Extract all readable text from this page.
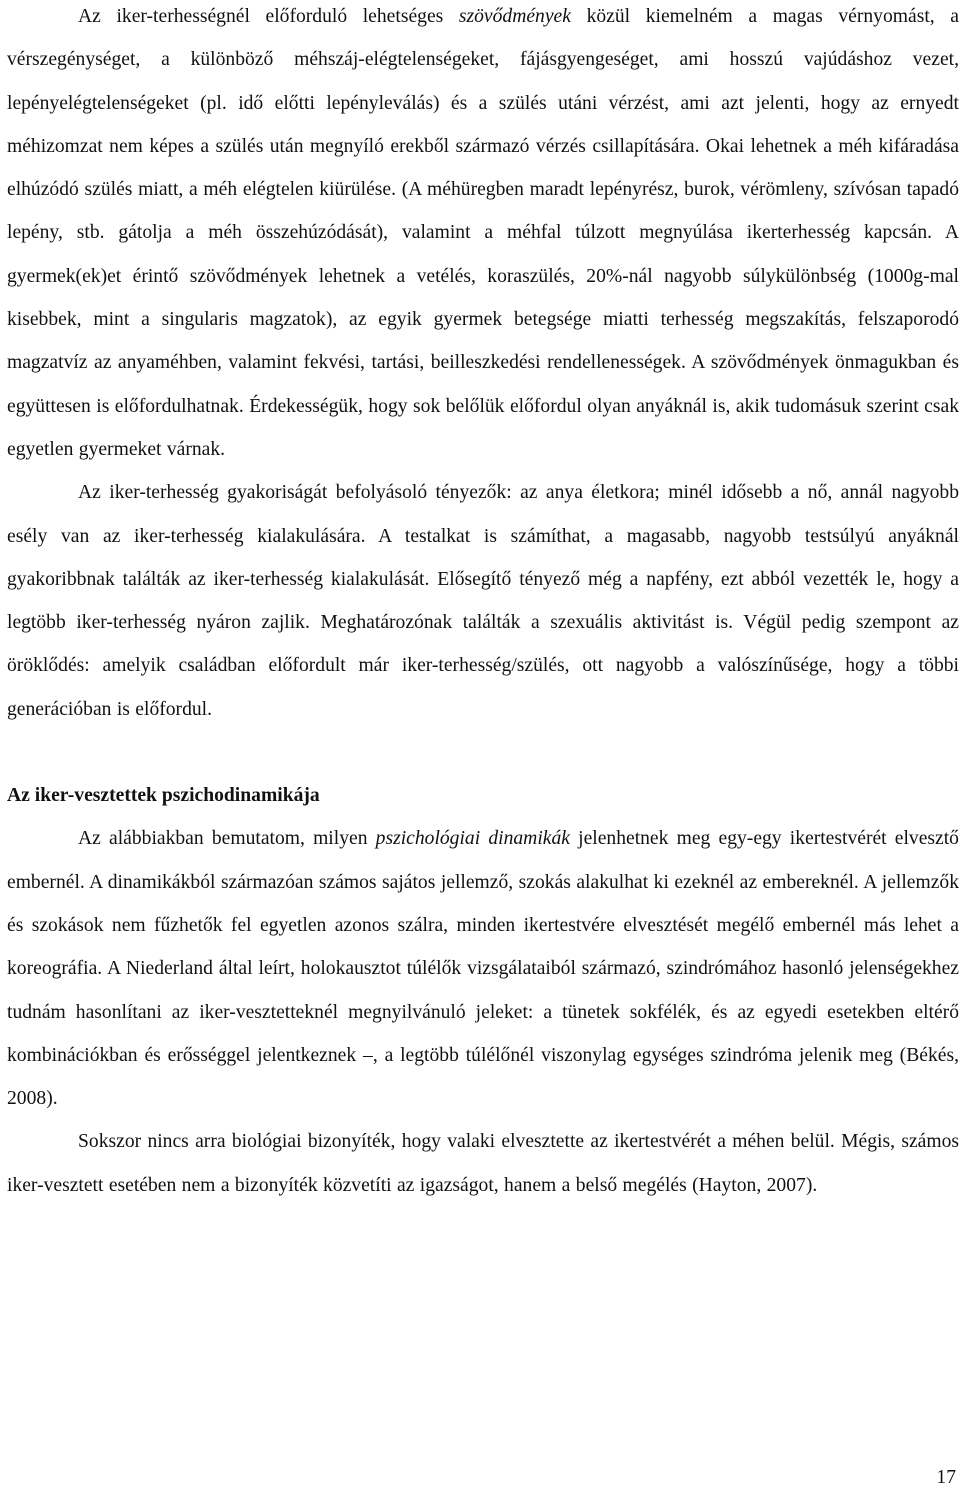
Az iker-terhességnél előforduló lehetséges szövődmények közül kiemelném a magas vérnyomást, a vérszegénységet, a különböző méhszáj-elégtelenségeket, fájásgyengeséget, ami hosszú vajúdáshoz vezet, lepényelégtelenségeket (pl. idő előtti lepényleválás) és a szülés utáni vérzést, ami azt jelenti, hogy az ernyedt méhizomzat nem képes a szülés után megnyíló erekből származó vérzés csillapítására. Okai lehetnek a méh kifáradása elhúzódó szülés miatt, a méh elégtelen kiürülése. (A méhüregben maradt lepényrész, burok, vérömleny, szívósan tapadó lepény, stb. gátolja a méh összehúzódását), valamint a méhfal túlzott megnyúlása ikerterhesség kapcsán. A gyermek(ek)et érintő szövődmények lehetnek a vetélés, koraszülés, 20%-nál nagyobb súlykülönbség (1000g-mal kisebbek, mint a singularis magzatok), az egyik gyermek betegsége miatti terhesség megszakítás, felszaporodó magzatvíz az anyaméhben, valamint fekvési, tartási, beilleszkedési rendellenességek. A szövődmények önmagukban és együttesen is előfordulhatnak. Érdekességük, hogy sok belőlük előfordul olyan anyáknál is, akik tudomásuk szerint csak egyetlen gyermeket várnak.

Az iker-terhesség gyakoriságát befolyásoló tényezők: az anya életkora; minél idősebb a nő, annál nagyobb esély van az iker-terhesség kialakulására. A testalkat is számíthat, a magasabb, nagyobb testsúlyú anyáknál gyakoribbnak találták az iker-terhesség kialakulását. Elősegítő tényező még a napfény, ezt abból vezették le, hogy a legtöbb iker-terhesség nyáron zajlik. Meghatározónak találták a szexuális aktivitást is. Végül pedig szempont az öröklődés: amelyik családban előfordult már iker-terhesség/szülés, ott nagyobb a valószínűsége, hogy a többi generációban is előfordul.

Az iker-vesztettek pszichodinamikája

Az alábbiakban bemutatom, milyen pszichológiai dinamikák jelenhetnek meg egy-egy ikertestvérét elvesztő embernél. A dinamikákból származóan számos sajátos jellemző, szokás alakulhat ki ezeknél az embereknél. A jellemzők és szokások nem fűzhetők fel egyetlen azonos szálra, minden ikertestvére elvesztését megélő embernél más lehet a koreográfia. A Niederland által leírt, holokausztot túlélők vizsgálataiból származó, szindrómához hasonló jelenségekhez tudnám hasonlítani az iker-vesztetteknél megnyilvánuló jeleket: a tünetek sokfélék, és az egyedi esetekben eltérő kombinációkban és erősséggel jelentkeznek –, a legtöbb túlélőnél viszonylag egységes szindróma jelenik meg (Békés, 2008).

Sokszor nincs arra biológiai bizonyíték, hogy valaki elvesztette az ikertestvérét a méhen belül. Mégis, számos iker-vesztett esetében nem a bizonyíték közvetíti az igazságot, hanem a belső megélés (Hayton, 2007).

17
